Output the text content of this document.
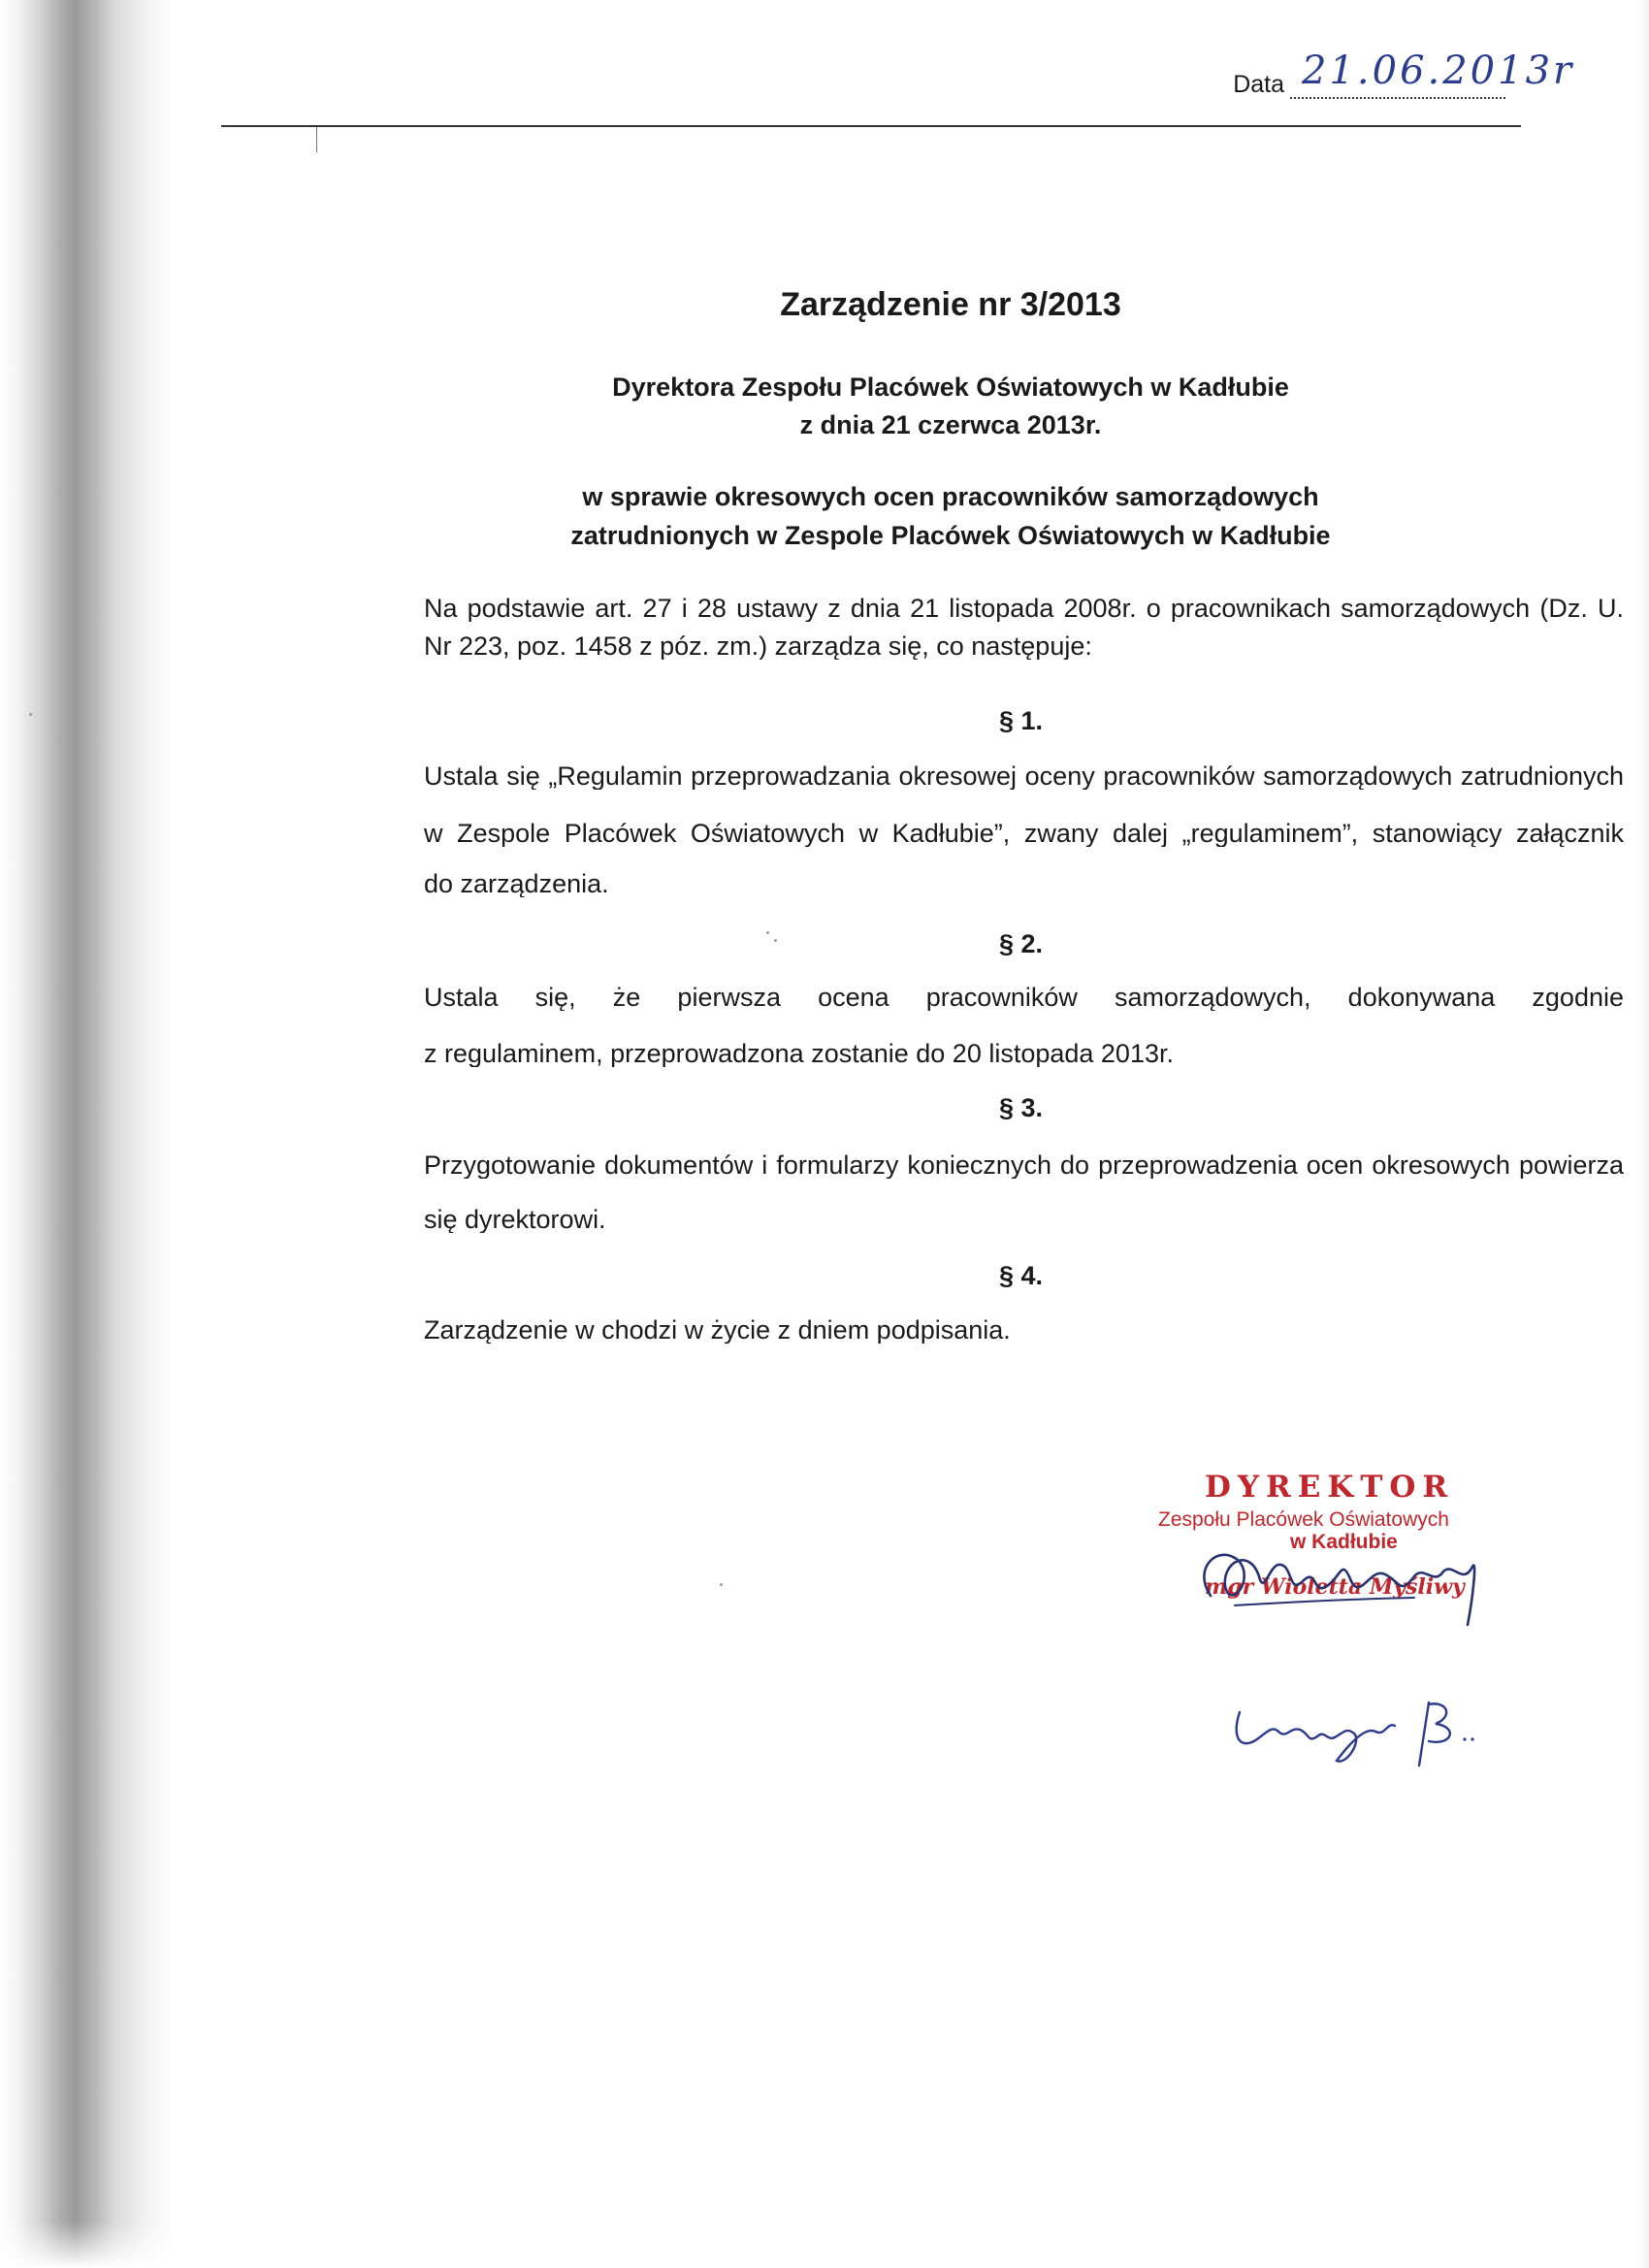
Data 21.06.2013r
Zarządzenie nr 3/2013
Dyrektora Zespołu Placówek Oświatowych w Kadłubie
z dnia 21 czerwca 2013r.
w sprawie okresowych ocen pracowników samorządowych
zatrudnionych w Zespole Placówek Oświatowych w Kadłubie
Na podstawie art. 27 i 28 ustawy z dnia 21 listopada 2008r. o pracownikach samorządowych (Dz. U.
Nr 223, poz. 1458 z póz. zm.) zarządza się, co następuje:
§ 1.
Ustala się „Regulamin przeprowadzania okresowej oceny pracowników samorządowych zatrudnionych
w Zespole Placówek Oświatowych w Kadłubie”, zwany dalej „regulaminem”, stanowiący załącznik
do zarządzenia.
§ 2.
Ustala się, że pierwsza ocena pracowników samorządowych, dokonywana zgodnie
z regulaminem, przeprowadzona zostanie do 20 listopada 2013r.
§ 3.
Przygotowanie dokumentów i formularzy koniecznych do przeprowadzenia ocen okresowych powierza
się dyrektorowi.
§ 4.
Zarządzenie w chodzi w życie z dniem podpisania.
DYREKTOR
Zespołu Placówek Oświatowych
w Kadłubie
mgr Wioletta Myśliwy
